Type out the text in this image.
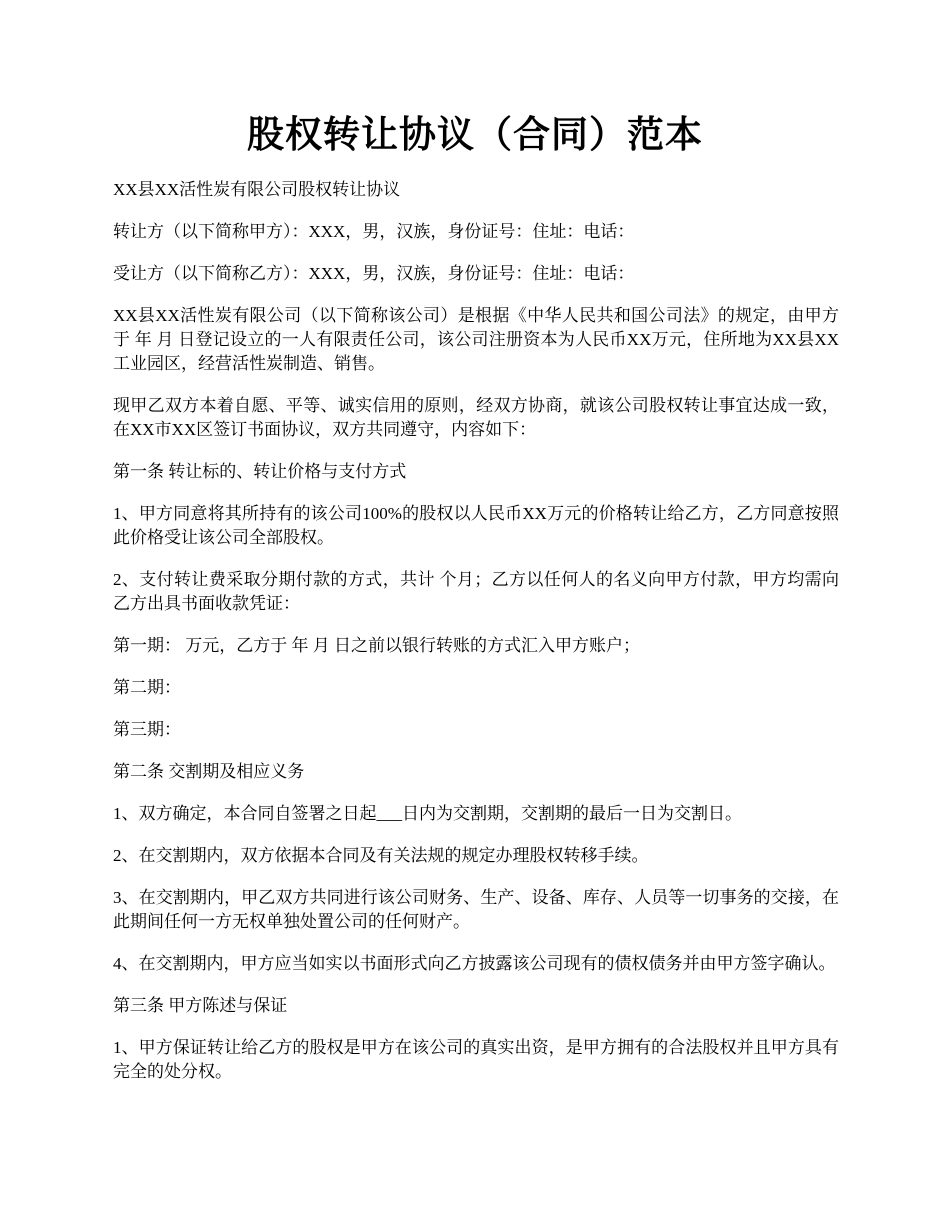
股权转让协议（合同）范本

XX县XX活性炭有限公司股权转让协议

转让方（以下简称甲方）：XXX，男，汉族，身份证号：住址：电话：

受让方（以下简称乙方）：XXX，男，汉族，身份证号：住址：电话：

XX县XX活性炭有限公司（以下简称该公司）是根据《中华人民共和国公司法》的规定，由甲方于 年 月 日登记设立的一人有限责任公司，该公司注册资本为人民币XX万元，住所地为XX县XX工业园区，经营活性炭制造、销售。

现甲乙双方本着自愿、平等、诚实信用的原则，经双方协商，就该公司股权转让事宜达成一致，在XX市XX区签订书面协议，双方共同遵守，内容如下：

第一条 转让标的、转让价格与支付方式

1、甲方同意将其所持有的该公司100%的股权以人民币XX万元的价格转让给乙方，乙方同意按照此价格受让该公司全部股权。

2、支付转让费采取分期付款的方式，共计 个月；乙方以任何人的名义向甲方付款，甲方均需向乙方出具书面收款凭证：

第一期： 万元，乙方于 年 月 日之前以银行转账的方式汇入甲方账户；

第二期：

第三期：

第二条 交割期及相应义务

1、双方确定，本合同自签署之日起___日内为交割期，交割期的最后一日为交割日。

2、在交割期内，双方依据本合同及有关法规的规定办理股权转移手续。

3、在交割期内，甲乙双方共同进行该公司财务、生产、设备、库存、人员等一切事务的交接，在此期间任何一方无权单独处置公司的任何财产。

4、在交割期内，甲方应当如实以书面形式向乙方披露该公司现有的债权债务并由甲方签字确认。

第三条 甲方陈述与保证

1、甲方保证转让给乙方的股权是甲方在该公司的真实出资，是甲方拥有的合法股权并且甲方具有完全的处分权。
